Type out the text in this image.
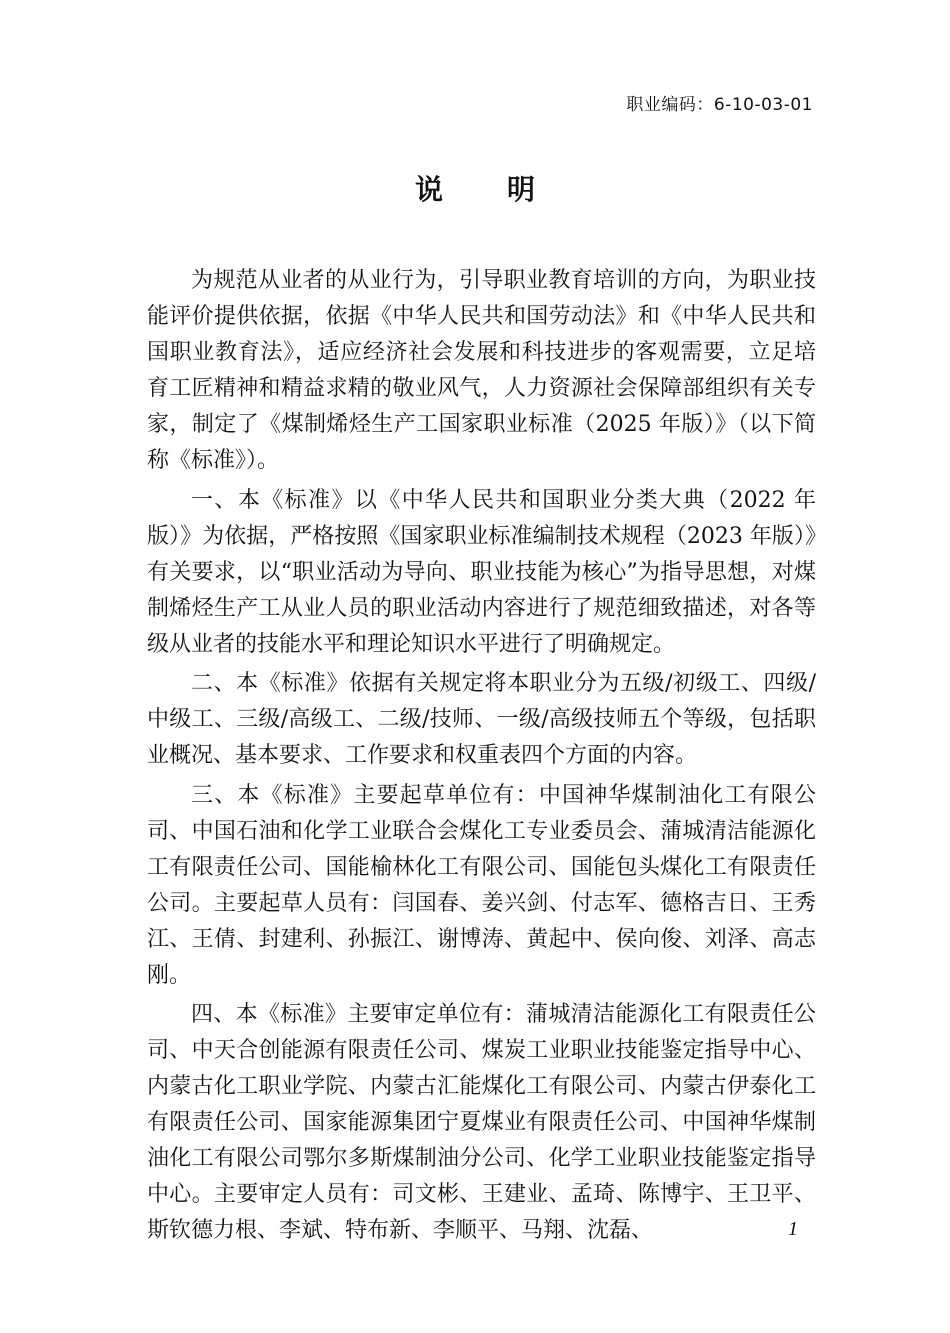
职业编码：6-10-03-01
说 明

为规范从业者的从业行为，引导职业教育培训的方向，为职业技能评价提供依据，依据《中华人民共和国劳动法》和《中华人民共和国职业教育法》，适应经济社会发展和科技进步的客观需要，立足培育工匠精神和精益求精的敬业风气，人力资源社会保障部组织有关专家，制定了《煤制烯烃生产工国家职业标准（2025 年版）》（以下简称《标准》）。

一、本《标准》以《中华人民共和国职业分类大典（2022 年版）》为依据，严格按照《国家职业标准编制技术规程（2023 年版）》有关要求，以“职业活动为导向、职业技能为核心”为指导思想，对煤制烯烃生产工从业人员的职业活动内容进行了规范细致描述，对各等级从业者的技能水平和理论知识水平进行了明确规定。

二、本《标准》依据有关规定将本职业分为五级/初级工、四级/中级工、三级/高级工、二级/技师、一级/高级技师五个等级，包括职业概况、基本要求、工作要求和权重表四个方面的内容。

三、本《标准》主要起草单位有：中国神华煤制油化工有限公司、中国石油和化学工业联合会煤化工专业委员会、蒲城清洁能源化工有限责任公司、国能榆林化工有限公司、国能包头煤化工有限责任公司。主要起草人员有：闫国春、姜兴剑、付志军、德格吉日、王秀江、王倩、封建利、孙振江、谢博涛、黄起中、侯向俊、刘泽、高志刚。

四、本《标准》主要审定单位有：蒲城清洁能源化工有限责任公司、中天合创能源有限责任公司、煤炭工业职业技能鉴定指导中心、内蒙古化工职业学院、内蒙古汇能煤化工有限公司、内蒙古伊泰化工有限责任公司、国家能源集团宁夏煤业有限责任公司、中国神华煤制油化工有限公司鄂尔多斯煤制油分公司、化学工业职业技能鉴定指导中心。主要审定人员有：司文彬、王建业、孟琦、陈博宇、王卫平、斯钦德力根、李斌、特布新、李顺平、马翔、沈磊、	1
